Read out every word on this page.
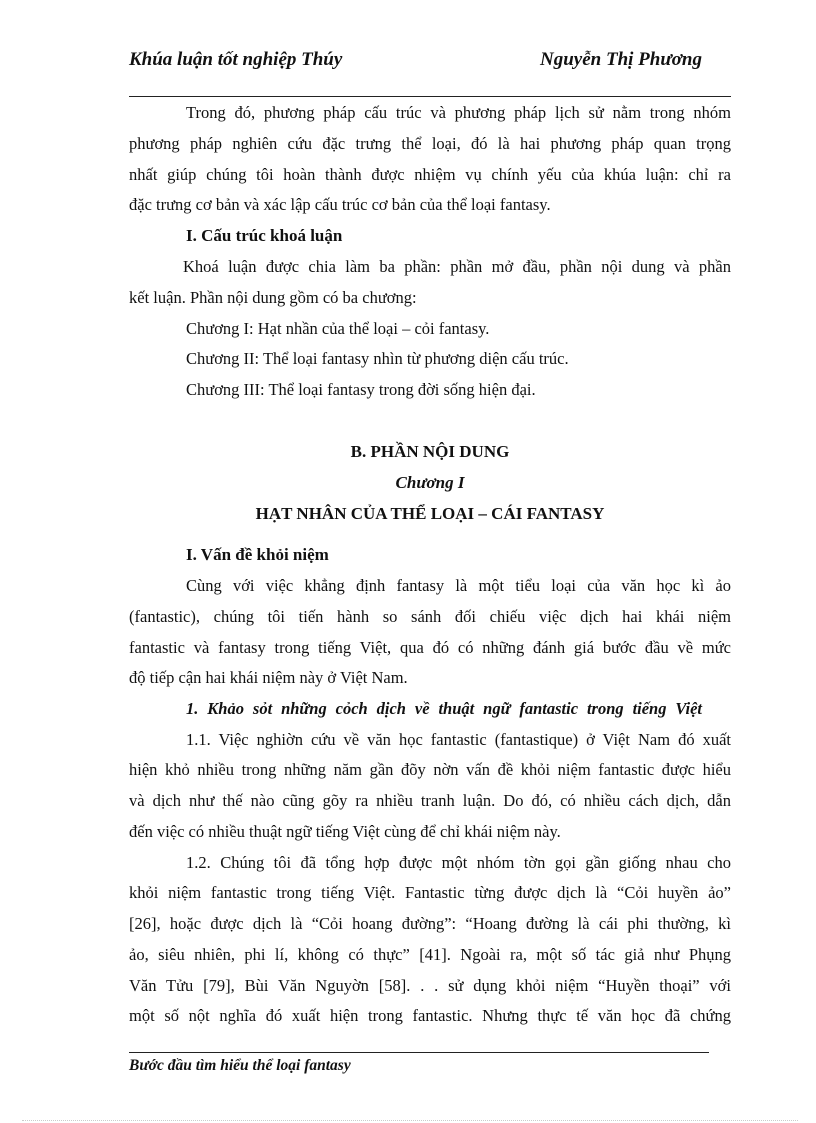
Khúa luận tốt nghiệp Thúy	Nguyễn Thị Phương
Trong đó, phương pháp cấu trúc và phương pháp lịch sử nằm trong nhóm
phương pháp nghiên cứu đặc trưng thể loại, đó là hai phương pháp quan trọng
nhất giúp chúng tôi hoàn thành được nhiệm vụ chính yếu của khúa luận: chỉ ra
đặc trưng cơ bản và xác lập cấu trúc cơ bản của thể loại fantasy.
I. Cấu trúc khoá luận
Khoá luận được chia làm ba phần: phần mở đầu, phần nội dung và phần
kết luận. Phần nội dung gồm có ba chương:
Chương I: Hạt nhần của thể loại – cỏi fantasy.
Chương II: Thể loại fantasy nhìn từ phương diện cấu trúc.
Chương III: Thể loại fantasy trong đời sống hiện đại.
B. PHẦN NỘI DUNG
Chương I
HẠT NHÂN CỦA THỂ LOẠI – CÁI FANTASY
I. Vấn đề khỏi niệm
Cùng với việc khẳng định fantasy là một tiểu loại của văn học kì ảo
(fantastic), chúng tôi tiến hành so sánh đối chiếu việc dịch hai khái niệm
fantastic và fantasy trong tiếng Việt, qua đó có những đánh giá bước đầu về mức
độ tiếp cận hai khái niệm này ở Việt Nam.
1. Khảo sỏt những cỏch dịch về thuật ngữ fantastic trong tiếng Việt
1.1. Việc nghiờn cứu về văn học fantastic (fantastique) ở Việt Nam đó xuất
hiện khỏ nhiều trong những năm gần đõy nờn vấn đề khỏi niệm fantastic được hiểu
và dịch như thế nào cũng gõy ra nhiều tranh luận. Do đó, có nhiều cách dịch, dẫn
đến việc có nhiều thuật ngữ tiếng Việt cùng để chỉ khái niệm này.
1.2. Chúng tôi đã tổng hợp được một nhóm tờn gọi gần giống nhau cho
khỏi niệm fantastic trong tiếng Việt. Fantastic từng được dịch là “Cỏi huyền ảo”
[26], hoặc được dịch là “Cỏi hoang đường”: “Hoang đường là cái phi thường, kì
ảo, siêu nhiên, phi lí, không có thực” [41]. Ngoài ra, một số tác giả như Phụng
Văn Tửu [79], Bùi Văn Nguyờn [58]. . . sử dụng khỏi niệm “Huyền thoại” với
một số nột nghĩa đó xuất hiện trong fantastic. Nhưng thực tế văn học đã chứng
Bước đầu tìm hiểu thể loại fantasy
